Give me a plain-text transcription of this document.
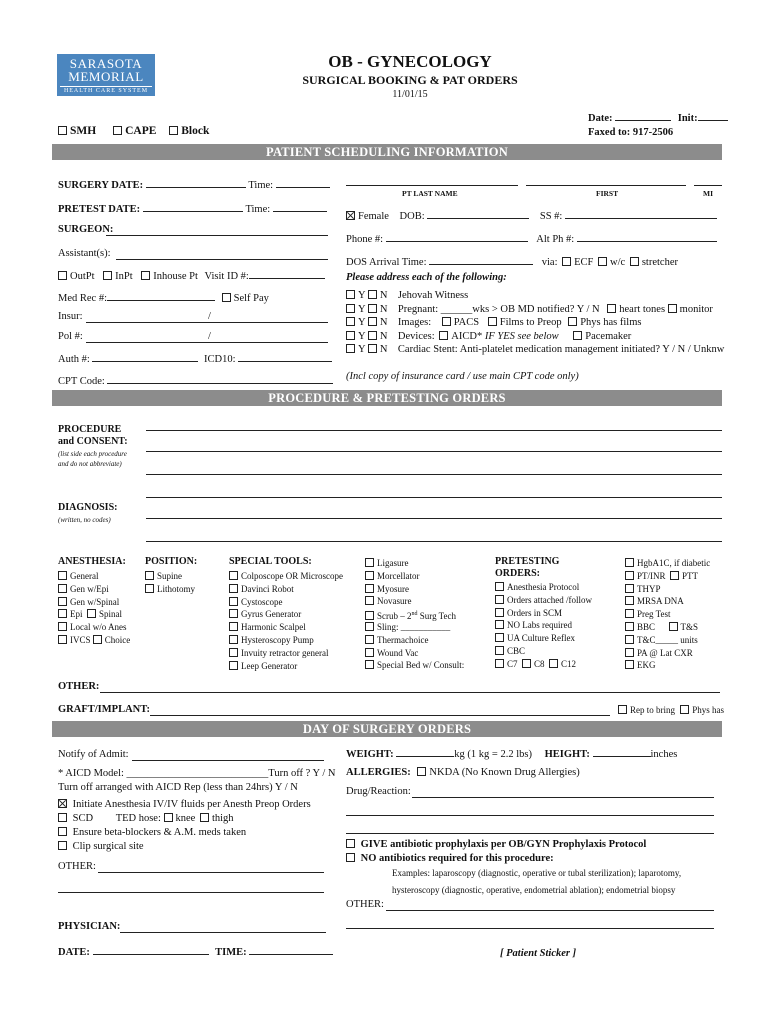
SARASOTA
MEMORIAL
HEALTH CARE SYSTEM
OB - GYNECOLOGY
SURGICAL BOOKING & PAT ORDERS
11/01/15
Date:	Init:
Faxed to: 917-2506
SMH	CAPE Block
PATIENT SCHEDULING INFORMATION
SURGERY DATE:	Time:
PRETEST DATE:	Time:
SURGEON:
Assistant(s):
OutPt InPt Inhouse Pt Visit ID #:
Med Rec #:	Self Pay
Insur:	/
Pol #:	/
Auth #:	ICD10:
CPT Code:
PT LAST NAME	FIRST	MI
Female DOB:	SS #:
Phone #:	Alt Ph #:
DOS Arrival Time:	via: ECF w/c stretcher
Please address each of the following:
Y N Jehovah Witness
Y N Pregnant: ______wks > OB MD notified? Y / N heart tones monitor
Y N Images: PACS Films to Preop Phys has films
Y N Devices: AICD* IF YES see below	Pacemaker
Y N Cardiac Stent: Anti-platelet medication management initiated? Y / N / Unknw
(Incl copy of insurance card / use main CPT code only)
PROCEDURE & PRETESTING ORDERS
PROCEDURE
and CONSENT:
(list side each procedure
and do not abbreviate)
DIAGNOSIS:
(written, no codes)
ANESTHESIA: POSITION:	SPECIAL TOOLS:
General
Gen w/Epi
Gen w/Spinal
Epi Spinal
Local w/o Anes
IVCS Choice
Supine
Lithotomy
Colposcope OR Microscope
Davinci Robot
Cystoscope
Gyrus Generator
Harmonic Scalpel
Hysteroscopy Pump
Invuity retractor general
Leep Generator
Ligasure
Morcellator
Myosure
Novasure
Scrub – 2nd Surg Tech
Sling: ___________
Thermachoice
Wound Vac
Special Bed w/ Consult:
PRETESTING
ORDERS:
Anesthesia Protocol
Orders attached /follow
Orders in SCM
NO Labs required
UA Culture Reflex
CBC
C7 C8 C12
HgbA1C, if diabetic
PT/INR PTT
THYP
MRSA DNA
Preg Test
BBC	T&S
T&C_____ units
PA @ Lat CXR
EKG
OTHER:
GRAFT/IMPLANT:	Rep to bring Phys has
DAY OF SURGERY ORDERS
Notify of Admit:
* AICD Model: ___________________________Turn off ? Y / N
Turn off arranged with AICD Rep (less than 24hrs) Y / N
Initiate Anesthesia IV/IV fluids per Anesth Preop Orders
SCD TED hose: knee thigh
Ensure beta-blockers & A.M. meds taken
Clip surgical site
OTHER:
WEIGHT:	kg (1 kg = 2.2 lbs) HEIGHT:	inches
ALLERGIES: NKDA (No Known Drug Allergies)
Drug/Reaction:
GIVE antibiotic prophylaxis per OB/GYN Prophylaxis Protocol
NO antibiotics required for this procedure:
Examples: laparoscopy (diagnostic, operative or tubal sterilization); laparotomy,
hysteroscopy (diagnostic, operative, endometrial ablation); endometrial biopsy
OTHER:
PHYSICIAN:
DATE:	TIME:	[ Patient Sticker ]
